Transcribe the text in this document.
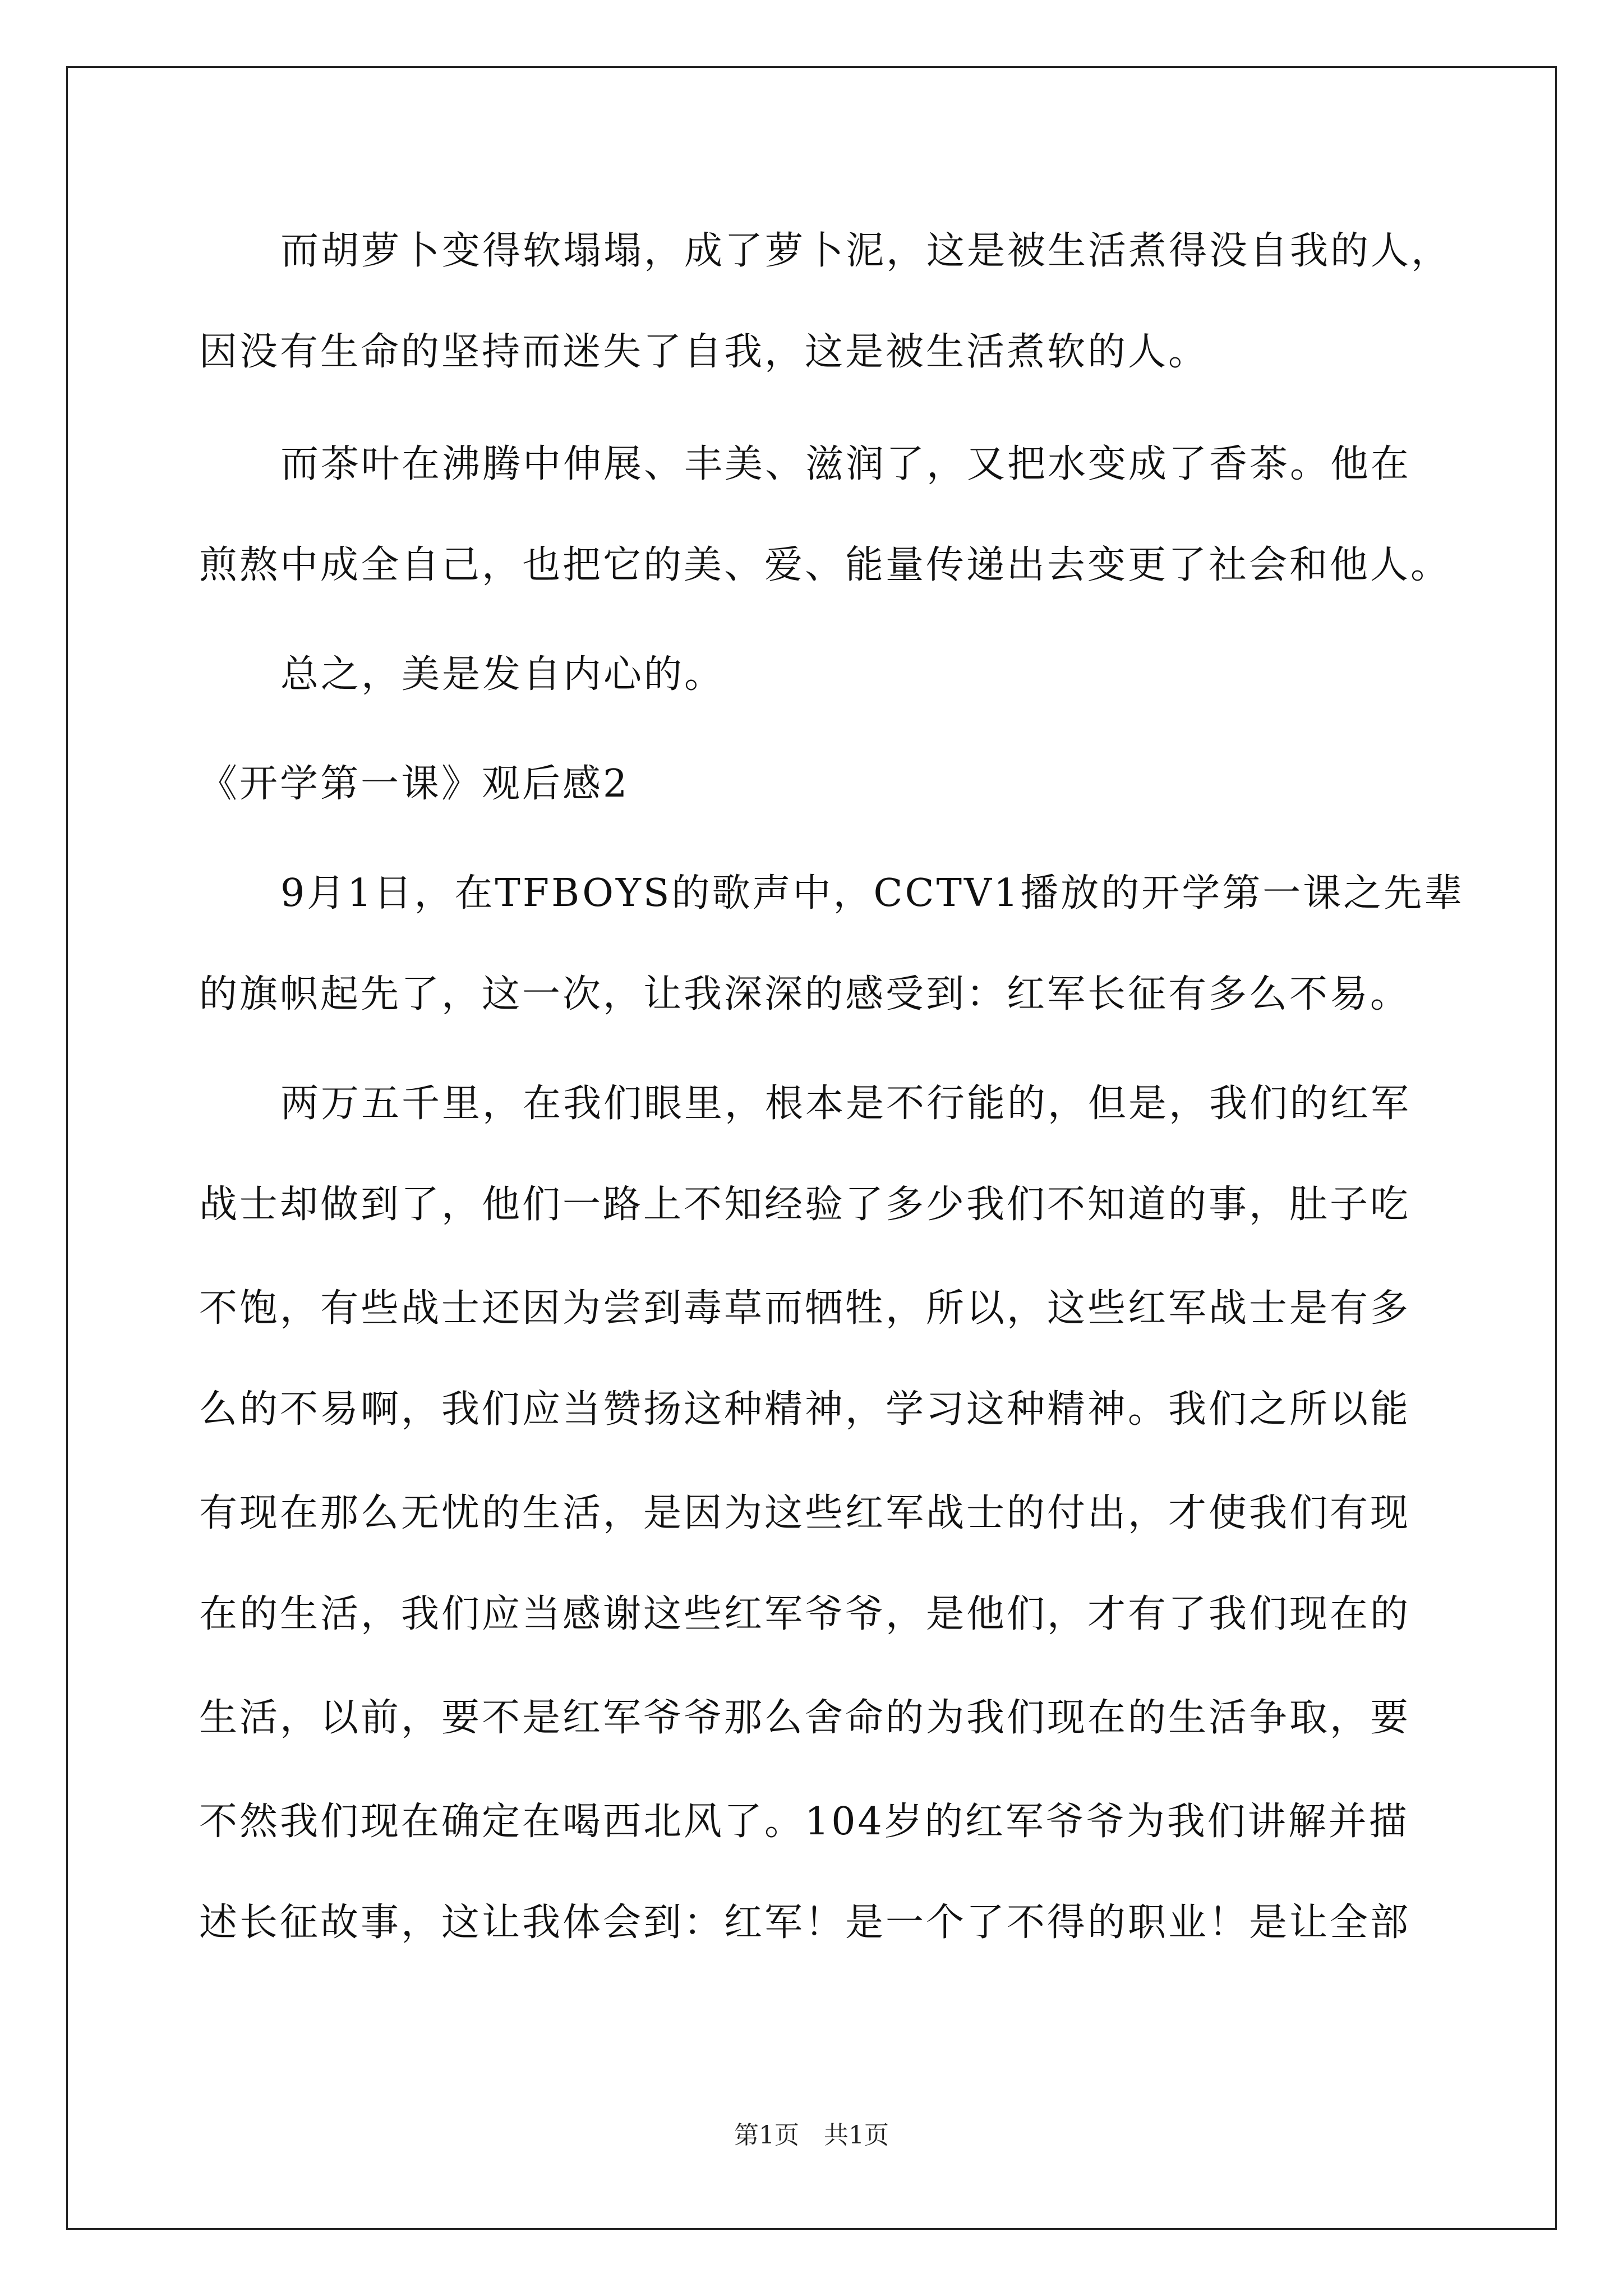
而胡萝卜变得软塌塌，成了萝卜泥，这是被生活煮得没自我的人，
因没有生命的坚持而迷失了自我，这是被生活煮软的人。
而茶叶在沸腾中伸展、丰美、滋润了，又把水变成了香茶。他在
煎熬中成全自己，也把它的美、爱、能量传递出去变更了社会和他人。
总之，美是发自内心的。
《开学第一课》观后感2
9月1日，在TFBOYS的歌声中，CCTV1播放的开学第一课之先辈
的旗帜起先了，这一次，让我深深的感受到：红军长征有多么不易。
两万五千里，在我们眼里，根本是不行能的，但是，我们的红军
战士却做到了，他们一路上不知经验了多少我们不知道的事，肚子吃
不饱，有些战士还因为尝到毒草而牺牲，所以，这些红军战士是有多
么的不易啊，我们应当赞扬这种精神，学习这种精神。我们之所以能
有现在那么无忧的生活，是因为这些红军战士的付出，才使我们有现
在的生活，我们应当感谢这些红军爷爷，是他们，才有了我们现在的
生活，以前，要不是红军爷爷那么舍命的为我们现在的生活争取，要
不然我们现在确定在喝西北风了。104岁的红军爷爷为我们讲解并描
述长征故事，这让我体会到：红军！是一个了不得的职业！是让全部
第1页　共1页
